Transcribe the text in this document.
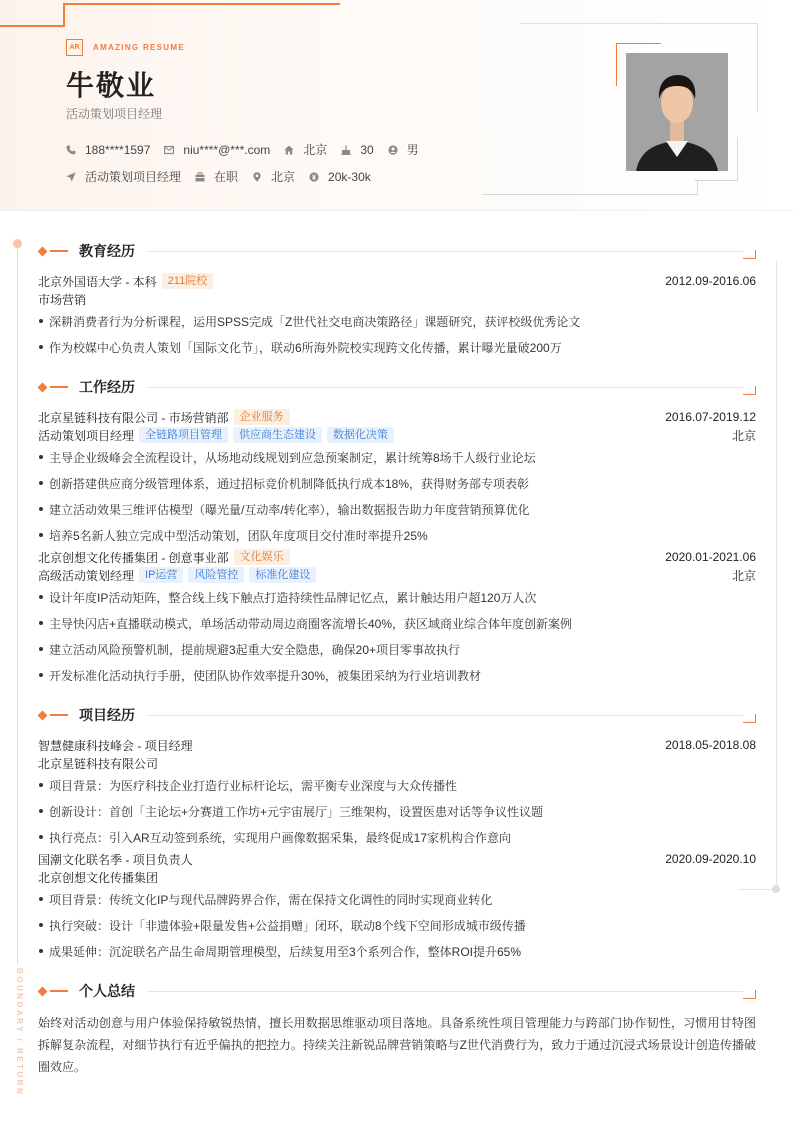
AR	AMAZING RESUME
牛敬业
活动策划项目经理
188****1597	niu****@***.com	北京	30	男
活动策划项目经理	在职	北京	20k-30k
BOUNDARY / RETURN
教育经历
北京外国语大学 - 本科	211院校	2012.09-2016.06
市场营销
深耕消费者行为分析课程，运用SPSS完成「Z世代社交电商决策路径」课题研究，获评校级优秀论文
作为校媒中心负责人策划「国际文化节」，联动6所海外院校实现跨文化传播，累计曝光量破200万
工作经历
北京星链科技有限公司 - 市场营销部	企业服务	2016.07-2019.12
活动策划项目经理	全链路项目管理	供应商生态建设	数据化决策	北京
主导企业级峰会全流程设计，从场地动线规划到应急预案制定，累计统筹8场千人级行业论坛
创新搭建供应商分级管理体系，通过招标竞价机制降低执行成本18%，获得财务部专项表彰
建立活动效果三维评估模型（曝光量/互动率/转化率），输出数据报告助力年度营销预算优化
培养5名新人独立完成中型活动策划，团队年度项目交付准时率提升25%
北京创想文化传播集团 - 创意事业部	文化娱乐	2020.01-2021.06
高级活动策划经理	IP运营	风险管控	标准化建设	北京
设计年度IP活动矩阵，整合线上线下触点打造持续性品牌记忆点，累计触达用户超120万人次
主导快闪店+直播联动模式，单场活动带动周边商圈客流增长40%，获区域商业综合体年度创新案例
建立活动风险预警机制，提前规避3起重大安全隐患，确保20+项目零事故执行
开发标准化活动执行手册，使团队协作效率提升30%，被集团采纳为行业培训教材
项目经历
智慧健康科技峰会 - 项目经理	2018.05-2018.08
北京星链科技有限公司
项目背景：为医疗科技企业打造行业标杆论坛，需平衡专业深度与大众传播性
创新设计：首创「主论坛+分赛道工作坊+元宇宙展厅」三维架构，设置医患对话等争议性议题
执行亮点：引入AR互动签到系统，实现用户画像数据采集，最终促成17家机构合作意向
国潮文化联名季 - 项目负责人	2020.09-2020.10
北京创想文化传播集团
项目背景：传统文化IP与现代品牌跨界合作，需在保持文化调性的同时实现商业转化
执行突破：设计「非遗体验+限量发售+公益捐赠」闭环，联动8个线下空间形成城市级传播
成果延伸：沉淀联名产品生命周期管理模型，后续复用至3个系列合作，整体ROI提升65%
个人总结
始终对活动创意与用户体验保持敏锐热情，擅长用数据思维驱动项目落地。具备系统性项目管理能力与跨部门协作韧性，习惯用甘特图拆解复杂流程，对细节执行有近乎偏执的把控力。持续关注新锐品牌营销策略与Z世代消费行为，致力于通过沉浸式场景设计创造传播破圈效应。
